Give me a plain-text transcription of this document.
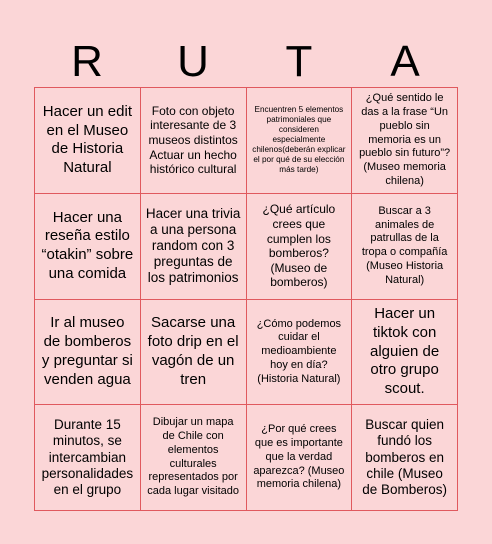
R	U	T	A
Hacer un edit en el Museo de Historia Natural
Foto con objeto interesante de 3 museos distintos Actuar un hecho histórico cultural
Encuentren 5 elementos patrimoniales que consideren especialmente chilenos(deberán explicar el por qué de su elección más tarde)
¿Qué sentido le das a la frase “Un pueblo sin memoria es un pueblo sin futuro”? (Museo memoria chilena)
Hacer una reseña estilo “otakin” sobre una comida
Hacer una trivia a una persona random con 3 preguntas de los patrimonios
¿Qué artículo crees que cumplen los bomberos? (Museo de bomberos)
Buscar a 3 animales de patrullas de la tropa o compañía (Museo Historia Natural)
Ir al museo de bomberos y preguntar si venden agua
Sacarse una foto drip en el vagón de un tren
¿Cómo podemos cuidar el medioambiente hoy en día? (Historia Natural)
Hacer un tiktok con alguien de otro grupo scout.
Durante 15 minutos, se intercambian personalidades en el grupo
Dibujar un mapa de Chile con elementos culturales representados por cada lugar visitado
¿Por qué crees que es importante que la verdad aparezca? (Museo memoria chilena)
Buscar quien fundó los bomberos en chile (Museo de Bomberos)
